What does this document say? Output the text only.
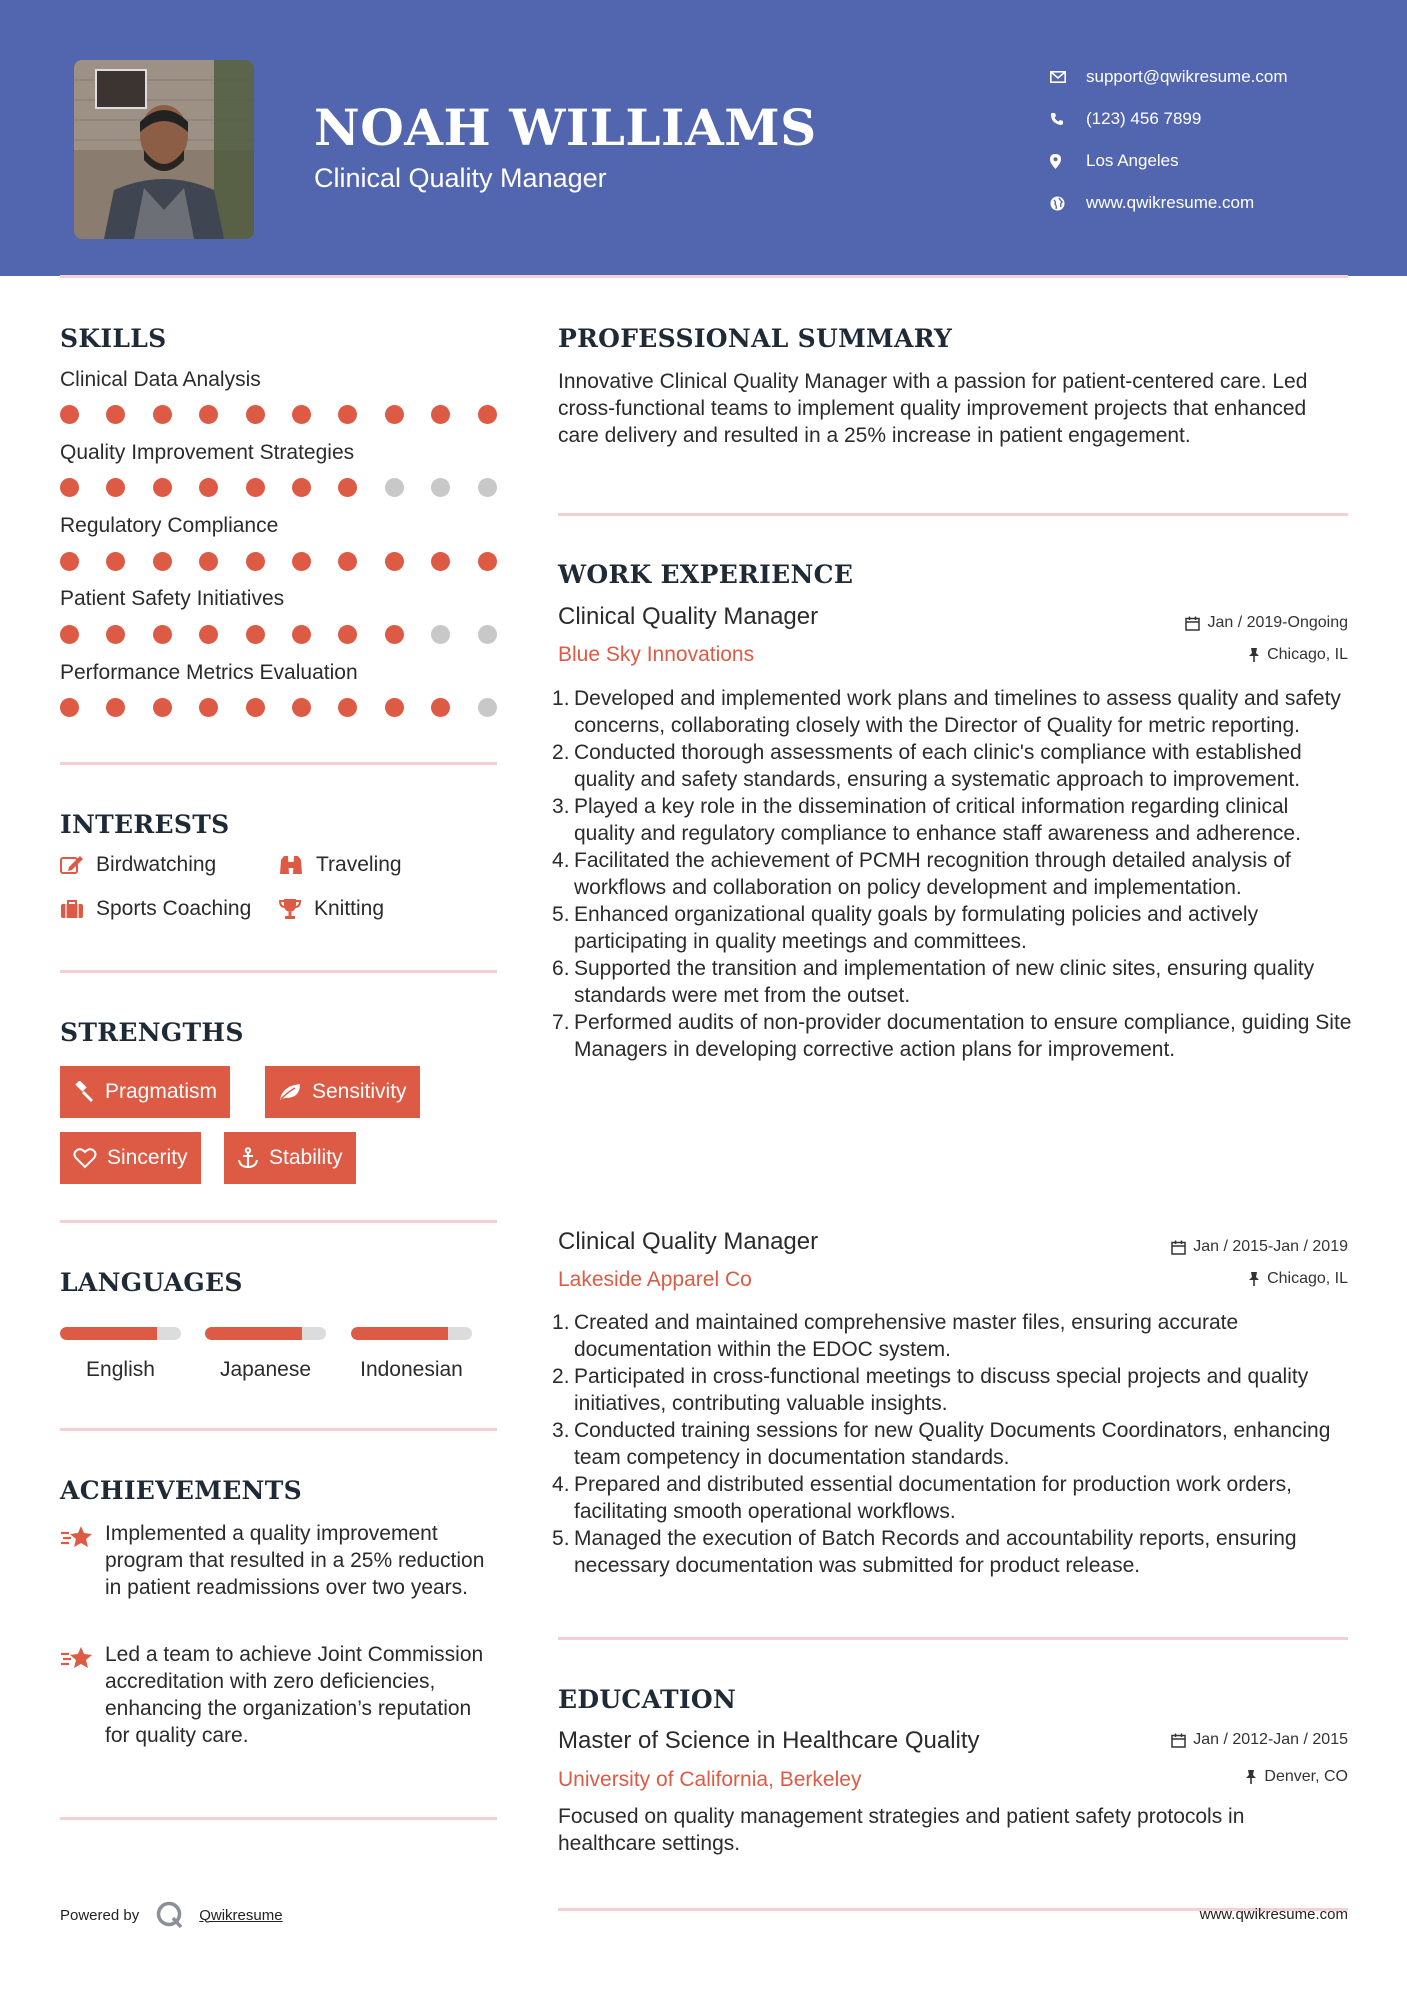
NOAH WILLIAMS
Clinical Quality Manager
support@qwikresume.com
(123) 456 7899
Los Angeles
www.qwikresume.com
SKILLS
Clinical Data Analysis
Quality Improvement Strategies
Regulatory Compliance
Patient Safety Initiatives
Performance Metrics Evaluation
INTERESTS
Birdwatching	Traveling
Sports Coaching	Knitting
STRENGTHS
Pragmatism	Sensitivity
Sincerity	Stability
LANGUAGES
English	Japanese	Indonesian
ACHIEVEMENTS
Implemented a quality improvement program that resulted in a 25% reduction in patient readmissions over two years.
Led a team to achieve Joint Commission accreditation with zero deficiencies, enhancing the organization’s reputation for quality care.
PROFESSIONAL SUMMARY
Innovative Clinical Quality Manager with a passion for patient-centered care. Led cross-functional teams to implement quality improvement projects that enhanced care delivery and resulted in a 25% increase in patient engagement.
WORK EXPERIENCE
Clinical Quality Manager
Blue Sky Innovations
Jan / 2019-Ongoing
Chicago, IL
Developed and implemented work plans and timelines to assess quality and safety concerns, collaborating closely with the Director of Quality for metric reporting.
Conducted thorough assessments of each clinic's compliance with established quality and safety standards, ensuring a systematic approach to improvement.
Played a key role in the dissemination of critical information regarding clinical quality and regulatory compliance to enhance staff awareness and adherence.
Facilitated the achievement of PCMH recognition through detailed analysis of workflows and collaboration on policy development and implementation.
Enhanced organizational quality goals by formulating policies and actively participating in quality meetings and committees.
Supported the transition and implementation of new clinic sites, ensuring quality standards were met from the outset.
Performed audits of non-provider documentation to ensure compliance, guiding Site Managers in developing corrective action plans for improvement.
Clinical Quality Manager
Lakeside Apparel Co
Jan / 2015-Jan / 2019
Chicago, IL
Created and maintained comprehensive master files, ensuring accurate documentation within the EDOC system.
Participated in cross-functional meetings to discuss special projects and quality initiatives, contributing valuable insights.
Conducted training sessions for new Quality Documents Coordinators, enhancing team competency in documentation standards.
Prepared and distributed essential documentation for production work orders, facilitating smooth operational workflows.
Managed the execution of Batch Records and accountability reports, ensuring necessary documentation was submitted for product release.
EDUCATION
Master of Science in Healthcare Quality
University of California, Berkeley
Jan / 2012-Jan / 2015
Denver, CO
Focused on quality management strategies and patient safety protocols in healthcare settings.
Powered by	Qwikresume	www.qwikresume.com
